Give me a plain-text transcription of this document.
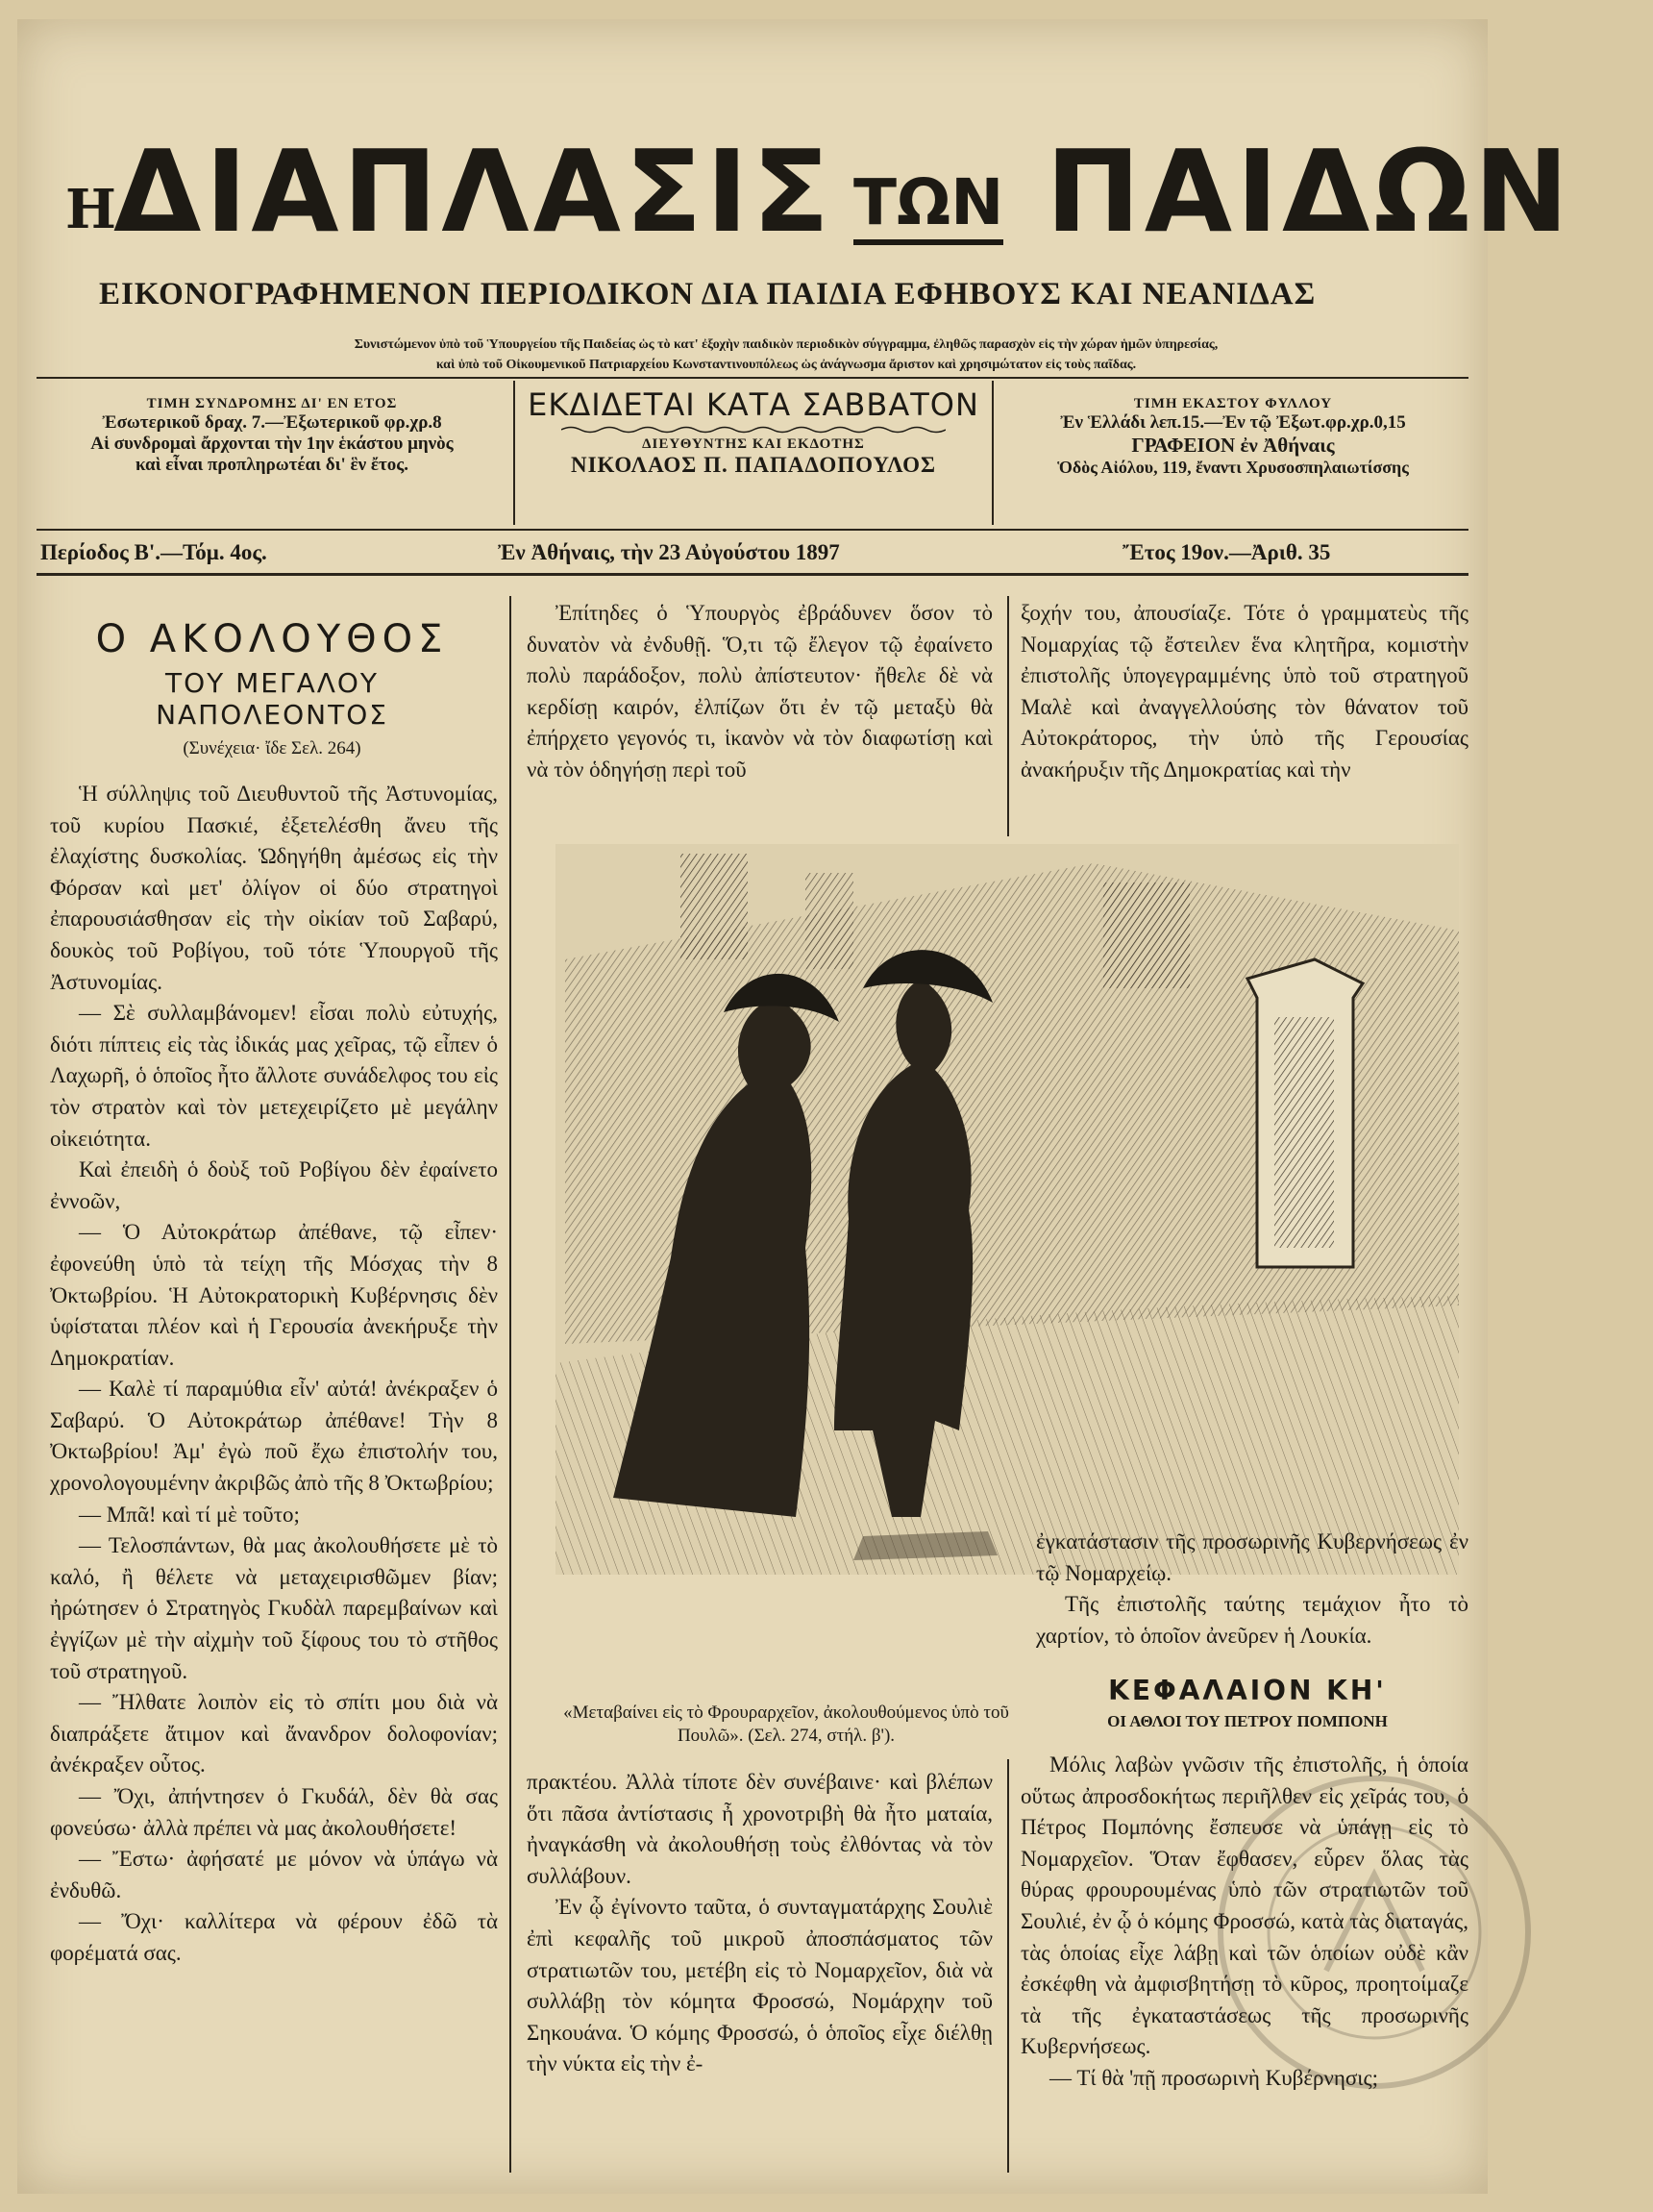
Η
ΔΙΑΠΛΑΣΙΣ ΤΩΝ ΠΑΙΔΩΝ
ΕΙΚΟΝΟΓΡΑΦΗΜΕΝΟΝ ΠΕΡΙΟΔΙΚΟΝ ΔΙΑ ΠΑΙΔΙΑ ΕΦΗΒΟΥΣ ΚΑΙ ΝΕΑΝΙΔΑΣ
Συνιστώμενον ὑπὸ τοῦ Ὑπουργείου τῆς Παιδείας ὡς τὸ κατ' ἐξοχὴν παιδικὸν περιοδικὸν σύγγραμμα, ἐληθῶς παρασχὸν εἰς τὴν χώραν ἡμῶν ὑπηρεσίας,
καὶ ὑπὸ τοῦ Οἰκουμενικοῦ Πατριαρχείου Κωνσταντινουπόλεως ὡς ἀνάγνωσμα ἄριστον καὶ χρησιμώτατον εἰς τοὺς παῖδας.
ΤΙΜΗ ΣΥΝΔΡΟΜΗΣ ΔΙ' ΕΝ ΕΤΟΣ
Ἐσωτερικοῦ δραχ. 7.—Ἐξωτερικοῦ φρ.χρ.8
Αἱ συνδρομαὶ ἄρχονται τὴν 1ην ἑκάστου μηνὸς
καὶ εἶναι προπληρωτέαι δι' ἓν ἔτος.
ΕΚΔΙΔΕΤΑΙ ΚΑΤΑ ΣΑΒΒΑΤΟΝ
ΔΙΕΥΘΥΝΤΗΣ ΚΑΙ ΕΚΔΟΤΗΣ
ΝΙΚΟΛΑΟΣ Π. ΠΑΠΑΔΟΠΟΥΛΟΣ
ΤΙΜΗ ΕΚΑΣΤΟΥ ΦΥΛΛΟΥ
Ἐν Ἑλλάδι λεπ.15.—Ἐν τῷ Ἐξωτ.φρ.χρ.0,15
ΓΡΑΦΕΙΟΝ ἐν Ἀθήναις
Ὁδὸς Αἰόλου, 119, ἔναντι Χρυσοσπηλαιωτίσσης
Περίοδος Β'.—Τόμ. 4ος.	Ἐν Ἀθήναις, τὴν 23 Αὐγούστου 1897	Ἔτος 19ον.—Ἀριθ. 35
Ο ΑΚΟΛΟΥΘΟΣ
ΤΟΥ ΜΕΓΑΛΟΥ ΝΑΠΟΛΕΟΝΤΟΣ
(Συνέχεια· ἴδε Σελ. 264)

Ἡ σύλληψις τοῦ Διευθυντοῦ τῆς Ἀστυνομίας, τοῦ κυρίου Πασκιέ, ἐξετελέσθη ἄνευ τῆς ἐλαχίστης δυσκολίας. Ὡδηγήθη ἀμέσως εἰς τὴν Φόρσαν καὶ μετ' ὀλίγον οἱ δύο στρατηγοὶ ἐπαρουσιάσθησαν εἰς τὴν οἰκίαν τοῦ Σαβαρύ, δουκὸς τοῦ Ροβίγου, τοῦ τότε Ὑπουργοῦ τῆς Ἀστυνομίας.

— Σὲ συλλαμβάνομεν! εἶσαι πολὺ εὐτυχής, διότι πίπτεις εἰς τὰς ἰδικάς μας χεῖρας, τῷ εἶπεν ὁ Λαχωρῆ, ὁ ὁποῖος ἦτο ἄλλοτε συνάδελφος του εἰς τὸν στρατὸν καὶ τὸν μετεχειρίζετο μὲ μεγάλην οἰκειότητα.

Καὶ ἐπειδὴ ὁ δοὺξ τοῦ Ροβίγου δὲν ἐφαίνετο ἐννοῶν,

— Ὁ Αὐτοκράτωρ ἀπέθανε, τῷ εἶπεν· ἐφονεύθη ὑπὸ τὰ τείχη τῆς Μόσχας τὴν 8 Ὀκτωβρίου. Ἡ Αὐτοκρατορικὴ Κυβέρνησις δὲν ὑφίσταται πλέον καὶ ἡ Γερουσία ἀνεκήρυξε τὴν Δημοκρατίαν.

— Καλὲ τί παραμύθια εἶν' αὐτά! ἀνέκραξεν ὁ Σαβαρύ. Ὁ Αὐτοκράτωρ ἀπέθανε! Τὴν 8 Ὀκτωβρίου! Ἀμ' ἐγὼ ποῦ ἔχω ἐπιστολήν του, χρονολογουμένην ἀκριβῶς ἀπὸ τῆς 8 Ὀκτωβρίου;

— Μπᾶ! καὶ τί μὲ τοῦτο;

— Τελοσπάντων, θὰ μας ἀκολουθήσετε μὲ τὸ καλό, ἢ θέλετε νὰ μεταχειρισθῶμεν βίαν; ἠρώτησεν ὁ Στρατηγὸς Γκυδὰλ παρεμβαίνων καὶ ἐγγίζων μὲ τὴν αἰχμὴν τοῦ ξίφους του τὸ στῆθος τοῦ στρατηγοῦ.

— Ἤλθατε λοιπὸν εἰς τὸ σπίτι μου διὰ νὰ διαπράξετε ἄτιμον καὶ ἄνανδρον δολοφονίαν; ἀνέκραξεν οὗτος.

— Ὄχι, ἀπήντησεν ὁ Γκυδάλ, δὲν θὰ σας φονεύσω· ἀλλὰ πρέπει νὰ μας ἀκολουθήσετε!

— Ἔστω· ἀφήσατέ με μόνον νὰ ὑπάγω νὰ ἐνδυθῶ.

— Ὄχι· καλλίτερα νὰ φέρουν ἐδῶ τὰ φορέματά σας.

Ἐπίτηδες ὁ Ὑπουργὸς ἐβράδυνεν ὅσον τὸ δυνατὸν νὰ ἐνδυθῇ. Ὅ,τι τῷ ἔλεγον τῷ ἐφαίνετο πολὺ παράδοξον, πολὺ ἀπίστευτον· ἤθελε δὲ νὰ κερδίσῃ καιρόν, ἐλπίζων ὅτι ἐν τῷ μεταξὺ θὰ ἐπήρχετο γεγονός τι, ἱκανὸν νὰ τὸν διαφωτίσῃ καὶ νὰ τὸν ὁδηγήσῃ περὶ τοῦ

ξοχήν του, ἀπουσίαζε. Τότε ὁ γραμματεὺς τῆς Νομαρχίας τῷ ἔστειλεν ἕνα κλητῆρα, κομιστὴν ἐπιστολῆς ὑπογεγραμμένης ὑπὸ τοῦ στρατηγοῦ Μαλὲ καὶ ἀναγγελλούσης τὸν θάνατον τοῦ Αὐτοκράτορος, τὴν ὑπὸ τῆς Γερουσίας ἀνακήρυξιν τῆς Δημοκρατίας καὶ τὴν

ἐγκατάστασιν τῆς προσωρινῆς Κυβερνήσεως ἐν τῷ Νομαρχείῳ.

Τῆς ἐπιστολῆς ταύτης τεμάχιον ἦτο τὸ χαρτίον, τὸ ὁποῖον ἀνεῦρεν ἡ Λουκία.

«Μεταβαίνει εἰς τὸ Φρουραρχεῖον, ἀκολουθούμενος ὑπὸ τοῦ Πουλῶ». (Σελ. 274, στήλ. β').
ΚΕΦΑΛΑΙΟΝ ΚΗ'
ΟΙ ΑΘΛΟΙ ΤΟΥ ΠΕΤΡΟΥ ΠΟΜΠΟΝΗ

πρακτέου. Ἀλλὰ τίποτε δὲν συνέβαινε· καὶ βλέπων ὅτι πᾶσα ἀντίστασις ἦ χρονοτριβὴ θὰ ἦτο ματαία, ἠναγκάσθη νὰ ἀκολουθήσῃ τοὺς ἐλθόντας νὰ τὸν συλλάβουν.

Ἐν ᾧ ἐγίνοντο ταῦτα, ὁ συνταγματάρχης Σουλιὲ ἐπὶ κεφαλῆς τοῦ μικροῦ ἀποσπάσματος τῶν στρατιωτῶν του, μετέβη εἰς τὸ Νομαρχεῖον, διὰ νὰ συλλάβῃ τὸν κόμητα Φροσσώ, Νομάρχην τοῦ Σηκουάνα. Ὁ κόμης Φροσσώ, ὁ ὁποῖος εἶχε διέλθῃ τὴν νύκτα εἰς τὴν ἐ-

Μόλις λαβὼν γνῶσιν τῆς ἐπιστολῆς, ἡ ὁποία οὕτως ἀπροσδοκήτως περιῆλθεν εἰς χεῖράς του, ὁ Πέτρος Πομπόνης ἔσπευσε νὰ ὑπάγῃ εἰς τὸ Νομαρχεῖον. Ὅταν ἔφθασεν, εὗρεν ὅλας τὰς θύρας φρουρουμένας ὑπὸ τῶν στρατιωτῶν τοῦ Σουλιέ, ἐν ᾧ ὁ κόμης Φροσσώ, κατὰ τὰς διαταγάς, τὰς ὁποίας εἶχε λάβῃ καὶ τῶν ὁποίων οὐδὲ κἂν ἐσκέφθη νὰ ἀμφισβητήσῃ τὸ κῦρος, προητοίμαζε τὰ τῆς ἐγκαταστάσεως τῆς προσωρινῆς Κυβερνήσεως.

— Τί θὰ 'πῇ προσωρινὴ Κυβέρνησις;
